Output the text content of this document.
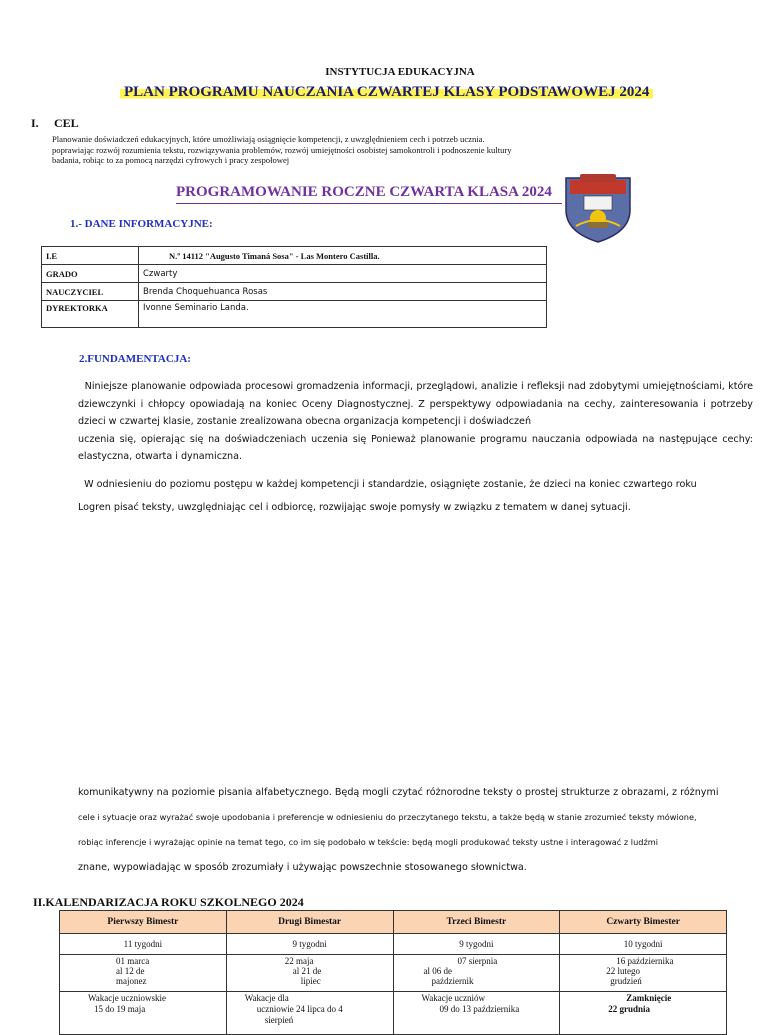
INSTYTUCJA EDUKACYJNA
PLAN PROGRAMU NAUCZANIA CZWARTEJ KLASY PODSTAWOWEJ 2024
I. CEL
Planowanie doświadczeń edukacyjnych, które umożliwiają osiągnięcie kompetencji, z uwzględnieniem cech i potrzeb ucznia.
poprawiając rozwój rozumienia tekstu, rozwiązywania problemów, rozwój umiejętności osobistej samokontroli i podnoszenie kultury
badania, robiąc to za pomocą narzędzi cyfrowych i pracy zespołowej
PROGRAMOWANIE ROCZNE CZWARTA KLASA 2024
1.- DANE INFORMACYJNE:
I.E	N.º 14112 "Augusto Timaná Sosa" - Las Montero Castilla.
GRADO	Czwarty
NAUCZYCIEL	Brenda Choquehuanca Rosas
DYREKTORKA	Ivonne Seminario Landa.
2.FUNDAMENTACJA:
Niniejsze planowanie odpowiada procesowi gromadzenia informacji, przeglądowi, analizie i refleksji nad zdobytymi umiejętnościami, które dziewczynki i chłopcy opowiadają na koniec Oceny Diagnostycznej. Z perspektywy odpowiadania na cechy, zainteresowania i potrzeby dzieci w czwartej klasie, zostanie zrealizowana obecna organizacja kompetencji i doświadczeń
uczenia się, opierając się na doświadczeniach uczenia się Ponieważ planowanie programu nauczania odpowiada na następujące cechy: elastyczna, otwarta i dynamiczna.
W odniesieniu do poziomu postępu w każdej kompetencji i standardzie, osiągnięte zostanie, że dzieci na koniec czwartego roku
Logren pisać teksty, uwzględniając cel i odbiorcę, rozwijając swoje pomysły w związku z tematem w danej sytuacji.
komunikatywny na poziomie pisania alfabetycznego. Będą mogli czytać różnorodne teksty o prostej strukturze z obrazami, z różnymi
cele i sytuacje oraz wyrażać swoje upodobania i preferencje w odniesieniu do przeczytanego tekstu, a także będą w stanie zrozumieć teksty mówione,
robiąc inferencje i wyrażając opinie na temat tego, co im się podobało w tekście: będą mogli produkować teksty ustne i interagować z ludźmi
znane, wypowiadając w sposób zrozumiały i używając powszechnie stosowanego słownictwa.
II.KALENDARIZACJA ROKU SZKOLNEGO 2024
Pierwszy Bimestr	Drugi Bimestar	Trzeci Bimestr	Czwarty Bimester
11 tygodni	9 tygodni	9 tygodni	10 tygodni

01 marca
al 12 de
majonez	22 maja
al 21 de
lipiec	07 sierpnia
al 06 de
październik	16 października
22 lutego
grudzień

Wakacje uczniowskie
15 do 19 maja	Wakacje dla
uczniowie 24 lipca do 4
sierpień	Wakacje uczniów
09 do 13 października	Zamknięcie
22 grudnia
